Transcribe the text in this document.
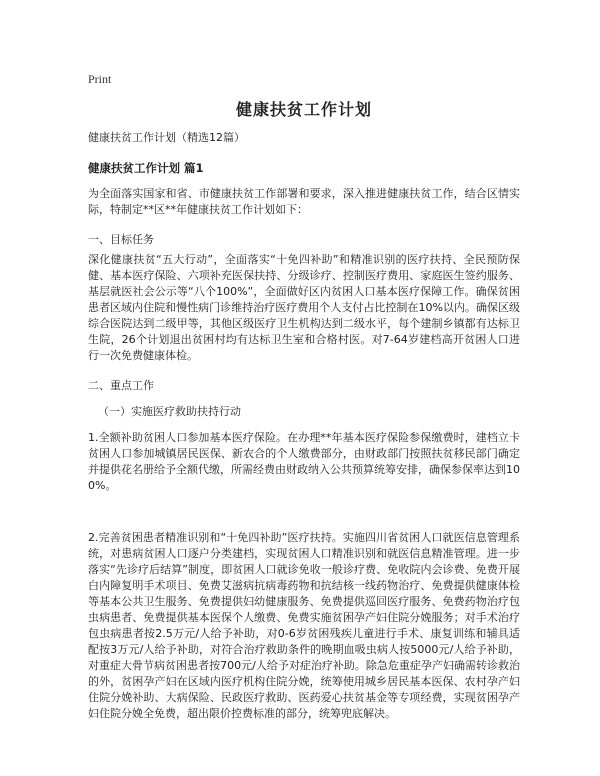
Print
健康扶贫工作计划
健康扶贫工作计划（精选12篇）
健康扶贫工作计划 篇1
为全面落实国家和省、市健康扶贫工作部署和要求，深入推进健康扶贫工作，结合区情实际，特制定**区**年健康扶贫工作计划如下：
一、目标任务
深化健康扶贫“五大行动”，全面落实“十免四补助”和精准识别的医疗扶持、全民预防保健、基本医疗保险、六项补充医保扶持、分级诊疗、控制医疗费用、家庭医生签约服务、基层就医社会公示等“八个100%”，全面做好区内贫困人口基本医疗保障工作。确保贫困患者区域内住院和慢性病门诊维持治疗医疗费用个人支付占比控制在10%以内。确保区级综合医院达到二级甲等，其他区级医疗卫生机构达到二级水平，每个建制乡镇都有达标卫生院，26个计划退出贫困村均有达标卫生室和合格村医。对7-64岁建档高开贫困人口进行一次免费健康体检。
二、重点工作
（一）实施医疗救助扶持行动
1.全额补助贫困人口参加基本医疗保险。在办理**年基本医疗保险参保缴费时，建档立卡贫困人口参加城镇居民医保、新农合的个人缴费部分，由财政部门按照扶贫移民部门确定并提供花名册给予全额代缴，所需经费由财政纳入公共预算统筹安排，确保参保率达到100%。
2.完善贫困患者精准识别和“十免四补助”医疗扶持。实施四川省贫困人口就医信息管理系统，对患病贫困人口逐户分类建档，实现贫困人口精准识别和就医信息精准管理。进一步落实“先诊疗后结算”制度，即贫困人口就诊免收一般诊疗费、免收院内会诊费、免费开展白内障复明手术项目、免费艾滋病抗病毒药物和抗结核一线药物治疗、免费提供健康体检等基本公共卫生服务、免费提供妇幼健康服务、免费提供巡回医疗服务、免费药物治疗包虫病患者、免费提供基本医保个人缴费、免费实施贫困孕产妇住院分娩服务；对手术治疗包虫病患者按2.5万元/人给予补助，对0-6岁贫困残疾儿童进行手术、康复训练和辅具适配按3万元/人给予补助，对符合治疗救助条件的晚期血吸虫病人按5000元/人给予补助，对重症大骨节病贫困患者按700元/人给予对症治疗补助。除急危重症孕产妇确需转诊救治的外，贫困孕产妇在区域内医疗机构住院分娩，统筹使用城乡居民基本医保、农村孕产妇住院分娩补助、大病保险、民政医疗救助、医药爱心扶贫基金等专项经费，实现贫困孕产妇住院分娩全免费，超出限价控费标准的部分，统筹兜底解决。
